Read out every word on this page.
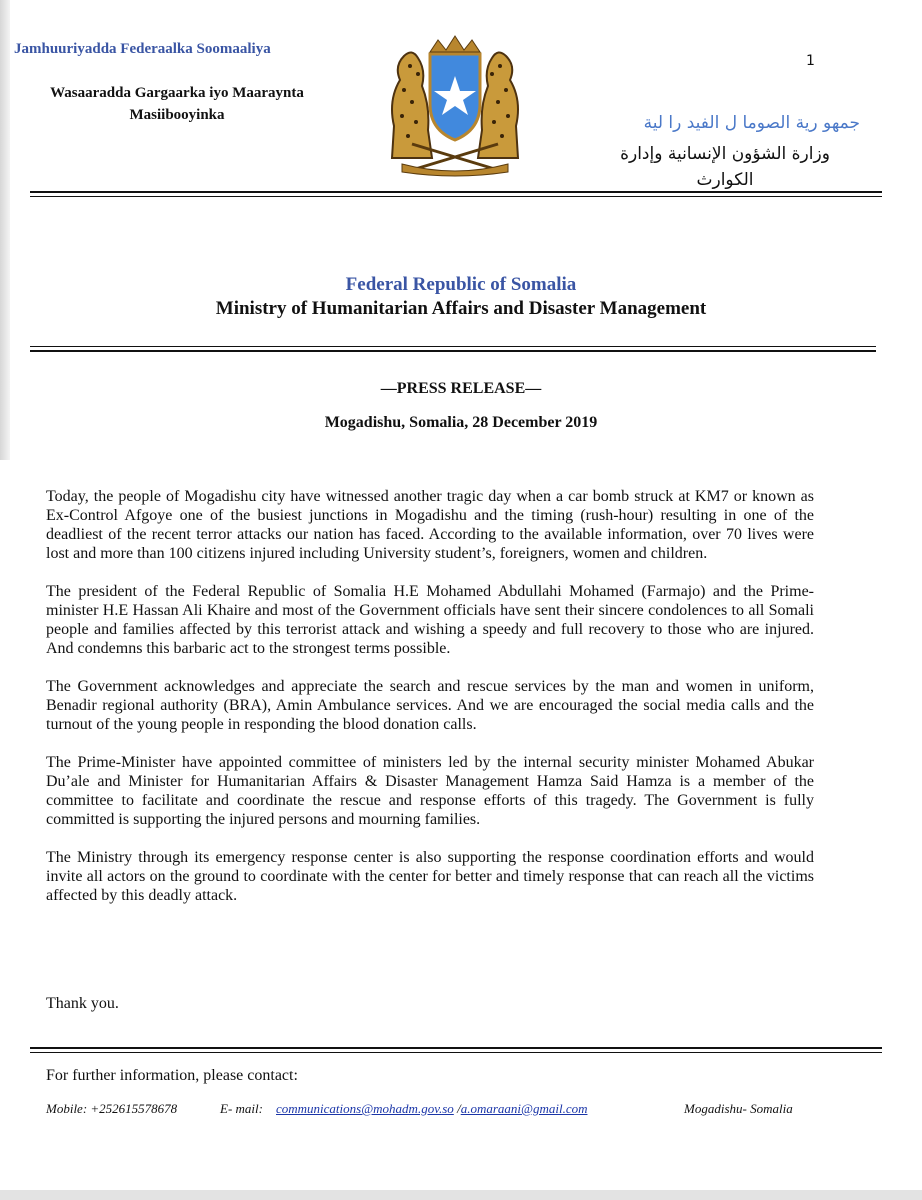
Jamhuuriyadda Federaalka Soomaaliya
Wasaaradda Gargaarka iyo Maaraynta Masiibooyinka
1
جمهو رية الصوما ل الفيد را لية
وزارة الشؤون الإنسانية وإدارة الكوارث
Federal Republic of Somalia
Ministry of Humanitarian Affairs and Disaster Management
—PRESS RELEASE—
Mogadishu, Somalia, 28 December 2019

Today, the people of Mogadishu city have witnessed another tragic day when a car bomb struck at KM7 or known as Ex-Control Afgoye one of the busiest junctions in Mogadishu and the timing (rush-hour) resulting in one of the deadliest of the recent terror attacks our nation has faced. According to the available information, over 70 lives were lost and more than 100 citizens injured including University student’s, foreigners, women and children.

The president of the Federal Republic of Somalia H.E Mohamed Abdullahi Mohamed (Farmajo) and the Prime-minister H.E Hassan Ali Khaire and most of the Government officials have sent their sincere condolences to all Somali people and families affected by this terrorist attack and wishing a speedy and full recovery to those who are injured. And condemns this barbaric act to the strongest terms possible.

The Government acknowledges and appreciate the search and rescue services by the man and women in uniform, Benadir regional authority (BRA), Amin Ambulance services. And we are encouraged the social media calls and the turnout of the young people in responding the blood donation calls.

The Prime-Minister have appointed committee of ministers led by the internal security minister Mohamed Abukar Du’ale and Minister for Humanitarian Affairs & Disaster Management Hamza Said Hamza is a member of the committee to facilitate and coordinate the rescue and response efforts of this tragedy. The Government is fully committed is supporting the injured persons and mourning families.

The Ministry through its emergency response center is also supporting the response coordination efforts and would invite all actors on the ground to coordinate with the center for better and timely response that can reach all the victims affected by this deadly attack.

Thank you.
For further information, please contact:
Mobile: +252615578678	E- mail: communications@mohadm.gov.so /a.omaraani@gmail.com	Mogadishu- Somalia
